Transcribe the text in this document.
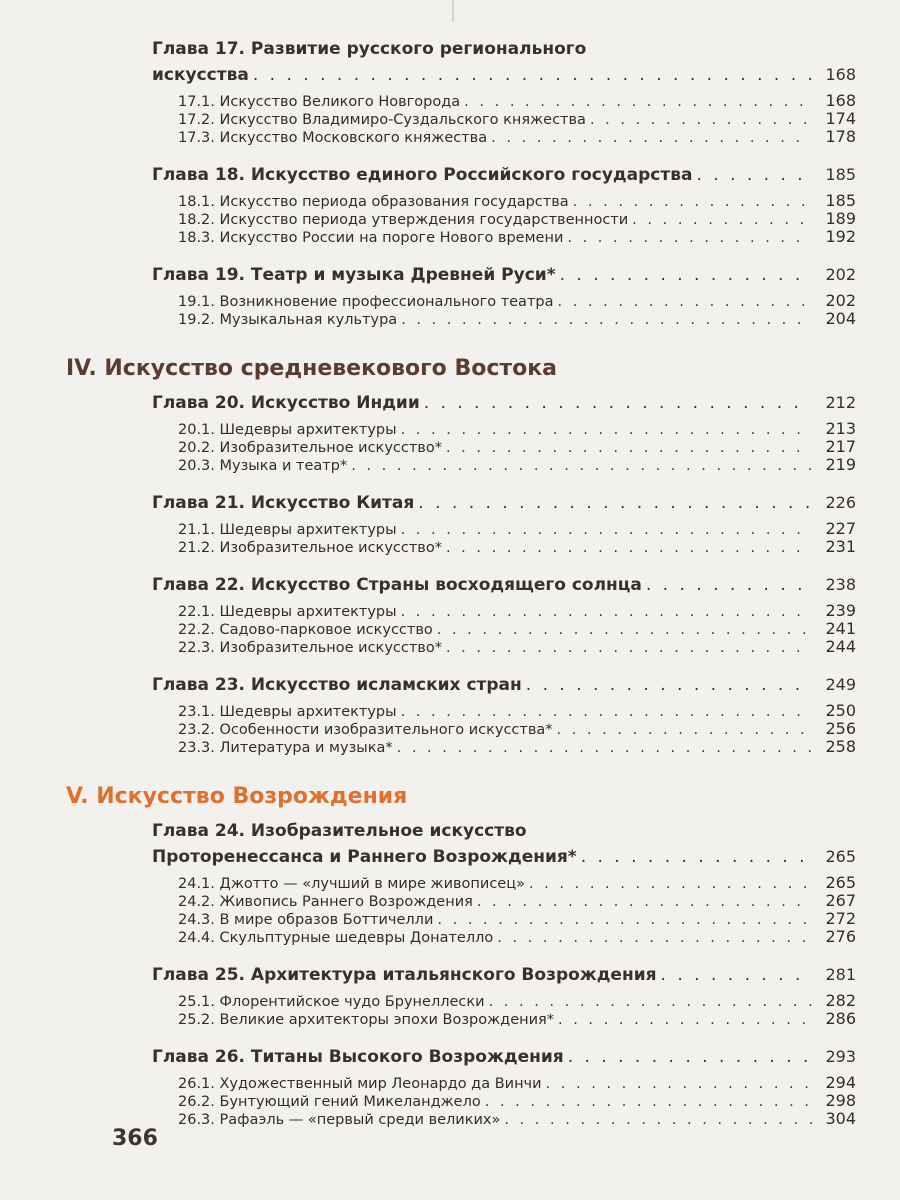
Глава 17. Развитие русского регионального
искусства . . .	168
17.1. Искусство Великого Новгорода . . .	168
17.2. Искусство Владимиро-Суздальского княжества . . .	174
17.3. Искусство Московского княжества . . .	178
Глава 18. Искусство единого Российского государства . . .	185
18.1. Искусство периода образования государства . . .	185
18.2. Искусство периода утверждения государственности . . .	189
18.3. Искусство России на пороге Нового времени . . .	192
Глава 19. Театр и музыка Древней Руси* . . .	202
19.1. Возникновение профессионального театра . . .	202
19.2. Музыкальная культура . . .	204
IV. Искусство средневекового Востока
Глава 20. Искусство Индии . . .	212
20.1. Шедевры архитектуры . . .	213
20.2. Изобразительное искусство* . . .	217
20.3. Музыка и театр* . . .	219
Глава 21. Искусство Китая . . .	226
21.1. Шедевры архитектуры . . .	227
21.2. Изобразительное искусство* . . .	231
Глава 22. Искусство Страны восходящего солнца . . .	238
22.1. Шедевры архитектуры . . .	239
22.2. Садово-парковое искусство . . .	241
22.3. Изобразительное искусство* . . .	244
Глава 23. Искусство исламских стран . . .	249
23.1. Шедевры архитектуры . . .	250
23.2. Особенности изобразительного искусства* . . .	256
23.3. Литература и музыка* . . .	258
V. Искусство Возрождения
Глава 24. Изобразительное искусство
Проторенессанса и Раннего Возрождения* . . .	265
24.1. Джотто — «лучший в мире живописец» . . .	265
24.2. Живопись Раннего Возрождения . . .	267
24.3. В мире образов Боттичелли . . .	272
24.4. Скульптурные шедевры Донателло . . .	276
Глава 25. Архитектура итальянского Возрождения . . .	281
25.1. Флорентийское чудо Брунеллески . . .	282
25.2. Великие архитекторы эпохи Возрождения* . . .	286
Глава 26. Титаны Высокого Возрождения . . .	293
26.1. Художественный мир Леонардо да Винчи . . .	294
26.2. Бунтующий гений Микеланджело . . .	298
26.3. Рафаэль — «первый среди великих» . . .	304
366
